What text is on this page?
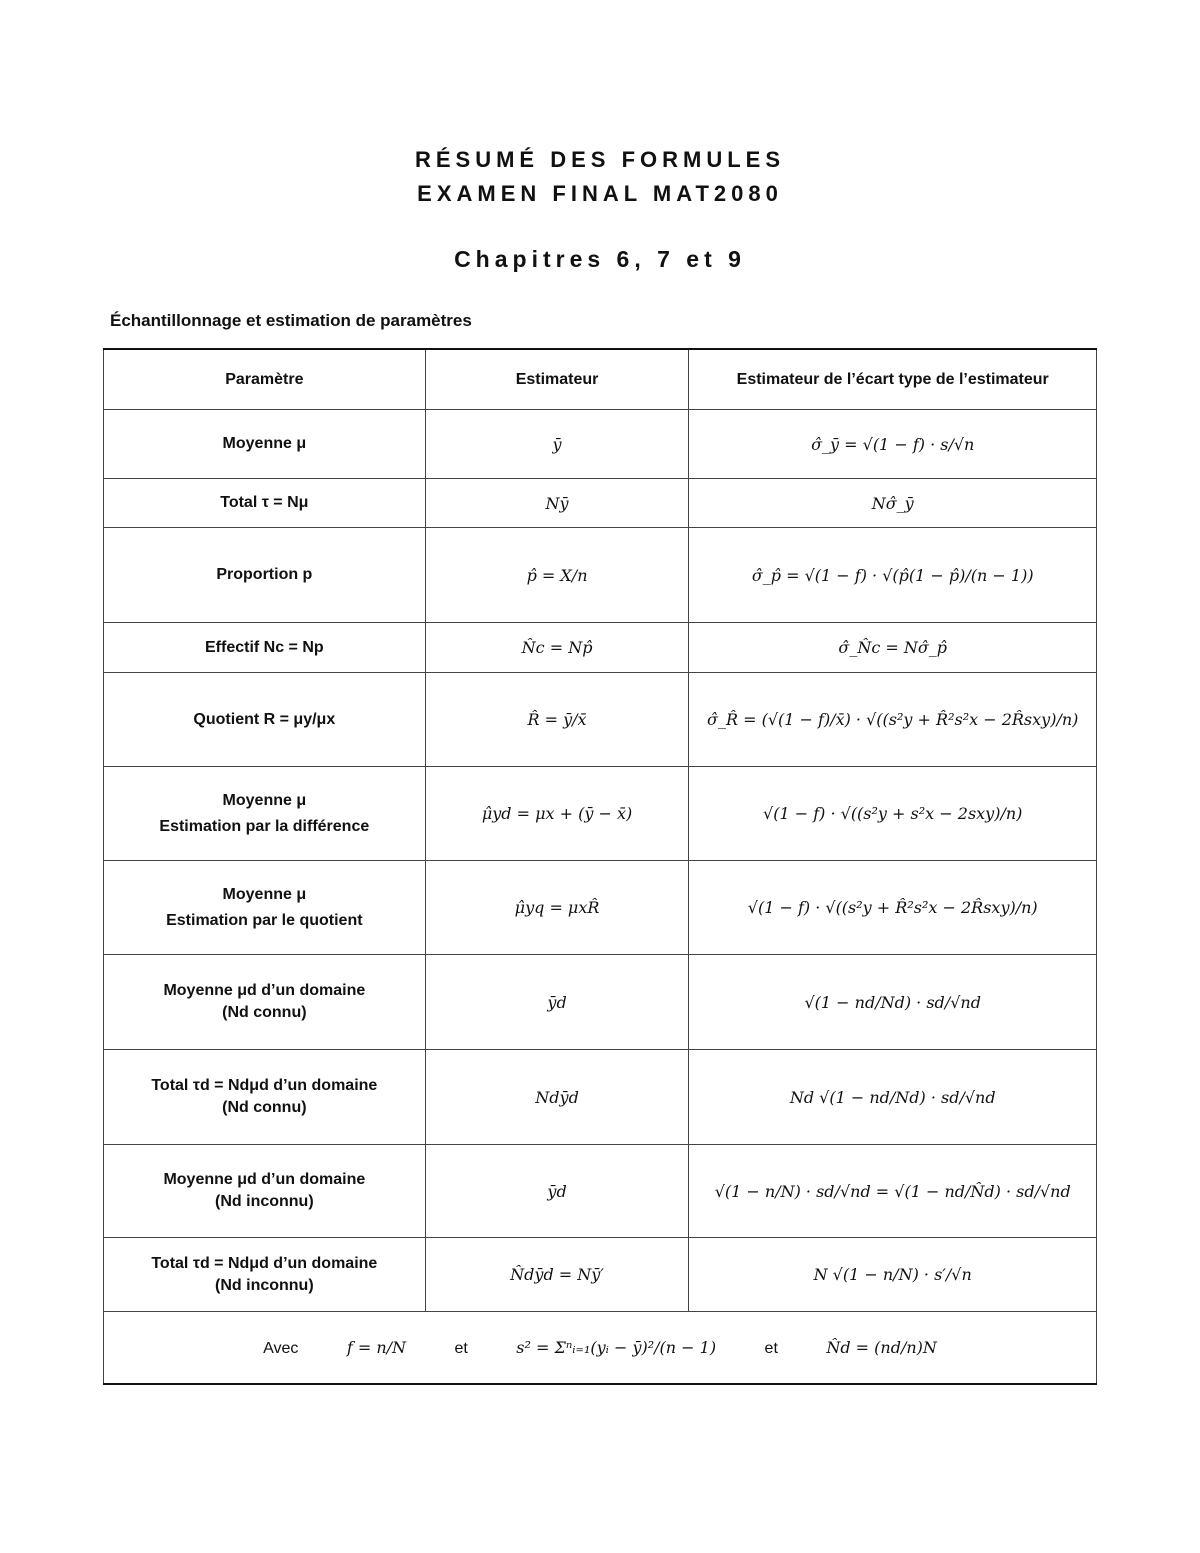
RÉSUMÉ DES FORMULES
EXAMEN FINAL MAT2080
Chapitres 6, 7 et 9
Échantillonnage et estimation de paramètres
Paramètre	Estimateur	Estimateur de l’écart type de l’estimateur
Moyenne μ	ȳ	σ̂_ȳ = √(1 − f) · s/√n
Total τ = Nμ	Nȳ	Nσ̂_ȳ
Proportion p	p̂ = X/n	σ̂_p̂ = √(1 − f) · √(p̂(1 − p̂)/(n − 1))
Effectif Nc = Np	N̂c = Np̂	σ̂_N̂c = Nσ̂_p̂
Quotient R = μy/μx	R̂ = ȳ/x̄	σ̂_R̂ = (√(1 − f)/x̄) · √((s²y + R̂²s²x − 2R̂sxy)/n)

Moyenne μ
Estimation par la différence	μ̂yd = μx + (ȳ − x̄)	√(1 − f) · √((s²y + s²x − 2sxy)/n)

Moyenne μ
Estimation par le quotient	μ̂yq = μxR̂	√(1 − f) · √((s²y + R̂²s²x − 2R̂sxy)/n)

Moyenne μd d’un domaine
(Nd connu)	ȳd	√(1 − nd/Nd) · sd/√nd

Total τd = Ndμd d’un domaine
(Nd connu)	Ndȳd	Nd √(1 − nd/Nd) · sd/√nd

Moyenne μd d’un domaine
(Nd inconnu)	ȳd	√(1 − n/N) · sd/√nd = √(1 − nd/N̂d) · sd/√nd

Total τd = Ndμd d’un domaine
(Nd inconnu)	N̂dȳd = Nȳ′	N √(1 − n/N) · s′/√n
Avec f = n/N et s² = Σⁿᵢ₌₁(yᵢ − ȳ)²/(n − 1) et N̂d = (nd/n)N		
